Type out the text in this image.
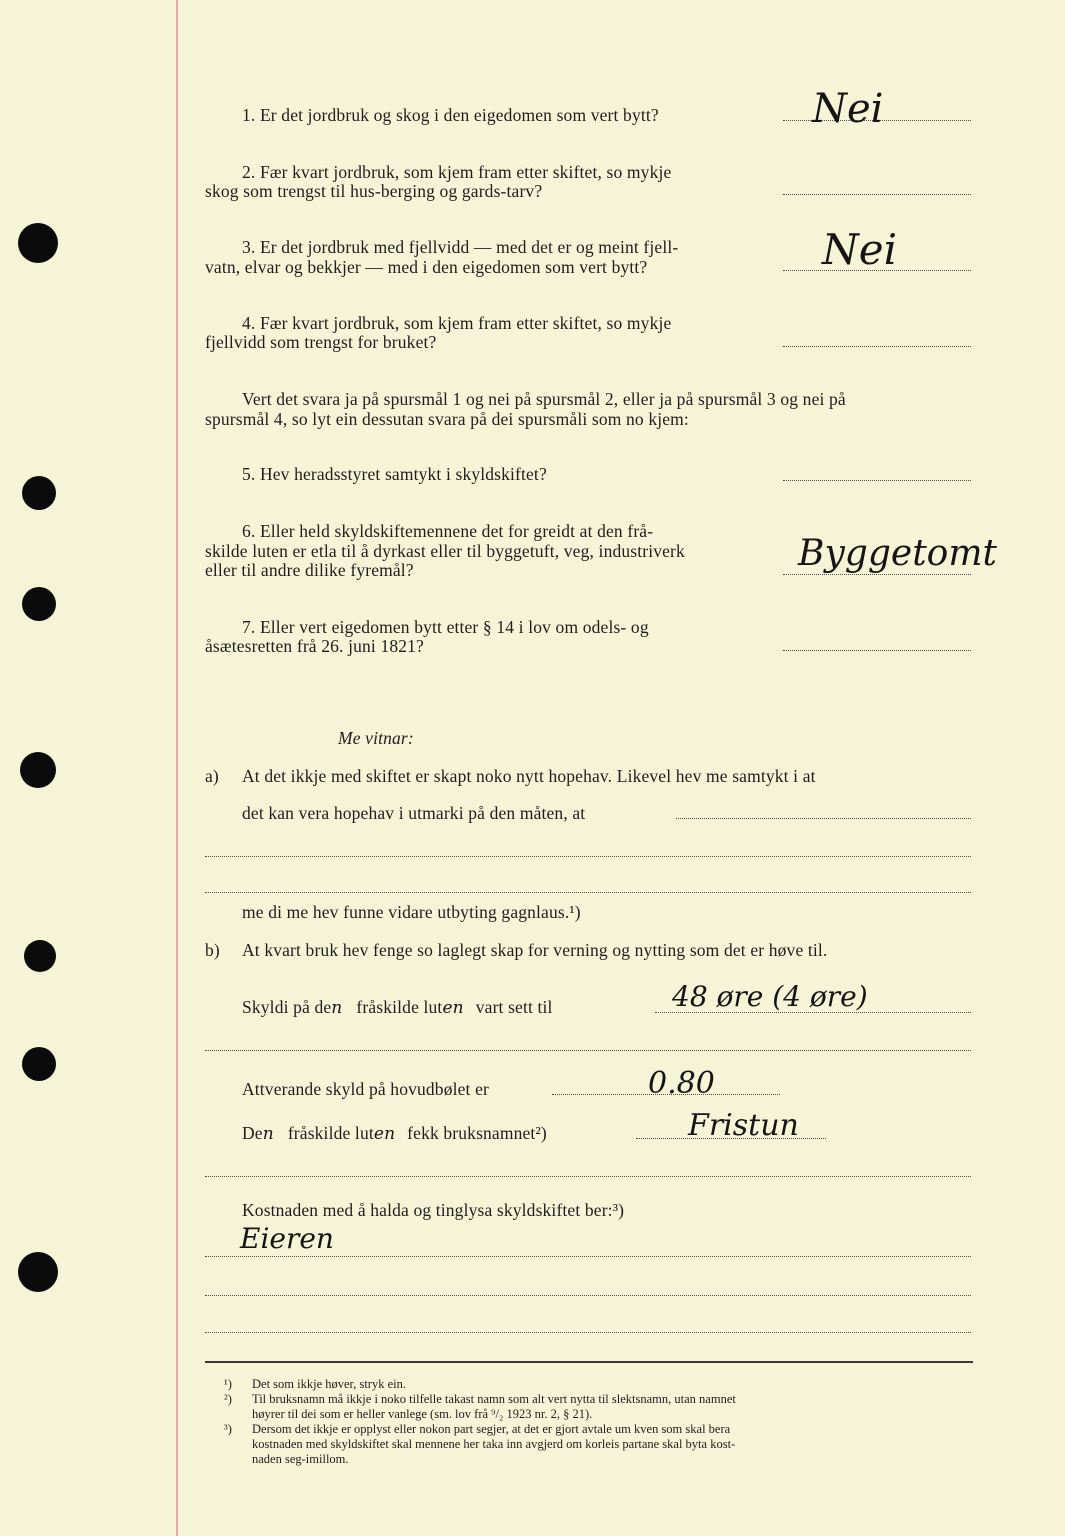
1. Er det jordbruk og skog i den eigedomen som vert bytt?	Nei
2. Fær kvart jordbruk, som kjem fram etter skiftet, so mykje
skog som trengst til hus-berging og gards-tarv?
3. Er det jordbruk med fjellvidd — med det er og meint fjell-
vatn, elvar og bekkjer — med i den eigedomen som vert bytt?	Nei
4. Fær kvart jordbruk, som kjem fram etter skiftet, so mykje
fjellvidd som trengst for bruket?
Vert det svara ja på spursmål 1 og nei på spursmål 2, eller ja på spursmål 3 og nei på
spursmål 4, so lyt ein dessutan svara på dei spursmåli som no kjem:
5. Hev heradsstyret samtykt i skyldskiftet?
6. Eller held skyldskiftemennene det for greidt at den frå-
skilde luten er etla til å dyrkast eller til byggetuft, veg, industriverk
eller til andre dilike fyremål?	Byggetomt
7. Eller vert eigedomen bytt etter § 14 i lov om odels- og
åsætesretten frå 26. juni 1821?
Me vitnar:
a) At det ikkje med skiftet er skapt noko nytt hopehav. Likevel hev me samtykt i at
det kan vera hopehav i utmarki på den måten, at
me di me hev funne vidare utbyting gagnlaus.¹)
b) At kvart bruk hev fenge so laglegt skap for verning og nytting som det er høve til.
Skyldi på den fråskilde luten vart sett til	48 øre (4 øre)
Attverande skyld på hovudbølet er	0.80
Den fråskilde luten fekk bruksnamnet²)	Fristun
Kostnaden med å halda og tinglysa skyldskiftet ber:³)
Eieren
¹) Det som ikkje høver, stryk ein.
²) Til bruksnamn må ikkje i noko tilfelle takast namn som alt vert nytta til slektsnamn, utan namnet
høyrer til dei som er heller vanlege (sm. lov frå ⁹/₂ 1923 nr. 2, § 21).
³) Dersom det ikkje er opplyst eller nokon part segjer, at det er gjort avtale um kven som skal bera
kostnaden med skyldskiftet skal mennene her taka inn avgjerd om korleis partane skal byta kost-
naden seg-imillom.
